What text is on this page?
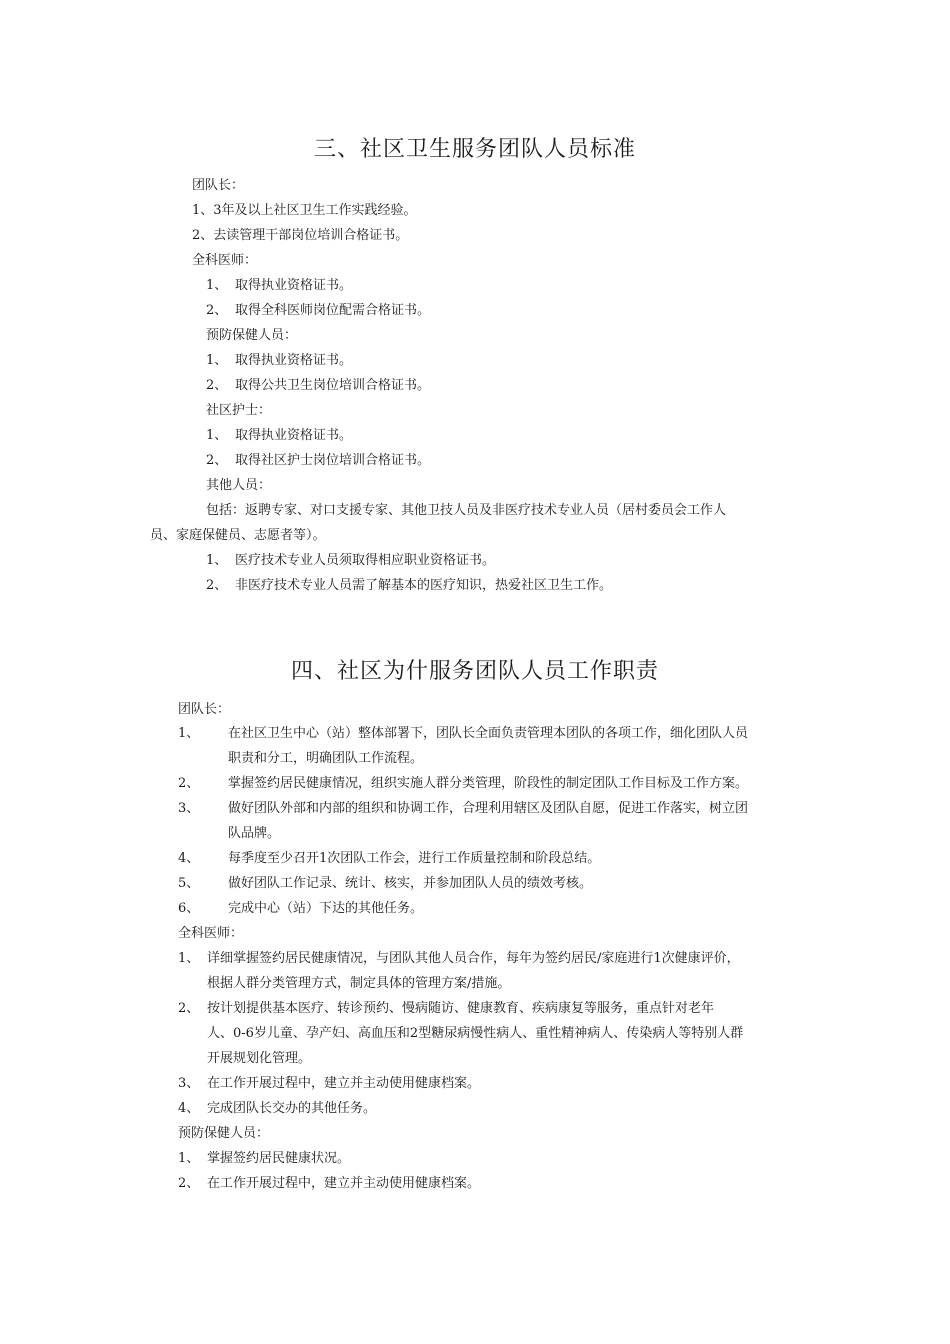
三、社区卫生服务团队人员标准
团队长：
1、3年及以上社区卫生工作实践经验。
2、去读管理干部岗位培训合格证书。
全科医师：
1、 取得执业资格证书。
2、 取得全科医师岗位配需合格证书。
预防保健人员：
1、 取得执业资格证书。
2、 取得公共卫生岗位培训合格证书。
社区护士：
1、 取得执业资格证书。
2、 取得社区护士岗位培训合格证书。
其他人员：
包括：返聘专家、对口支援专家、其他卫技人员及非医疗技术专业人员（居村委员会工作人
员、家庭保健员、志愿者等）。
1、 医疗技术专业人员须取得相应职业资格证书。
2、 非医疗技术专业人员需了解基本的医疗知识，热爱社区卫生工作。
四、社区为什服务团队人员工作职责
团队长：
1、 在社区卫生中心（站）整体部署下，团队长全面负责管理本团队的各项工作，细化团队人员
职责和分工，明确团队工作流程。
2、 掌握签约居民健康情况，组织实施人群分类管理，阶段性的制定团队工作目标及工作方案。
3、 做好团队外部和内部的组织和协调工作，合理利用辖区及团队自愿，促进工作落实，树立团
队品牌。
4、 每季度至少召开1次团队工作会，进行工作质量控制和阶段总结。
5、 做好团队工作记录、统计、核实，并参加团队人员的绩效考核。
6、 完成中心（站）下达的其他任务。
全科医师：
1、 详细掌握签约居民健康情况，与团队其他人员合作，每年为签约居民/家庭进行1次健康评价，
根据人群分类管理方式，制定具体的管理方案/措施。
2、 按计划提供基本医疗、转诊预约、慢病随访、健康教育、疾病康复等服务，重点针对老年
人、0-6岁儿童、孕产妇、高血压和2型糖尿病慢性病人、重性精神病人、传染病人等特别人群
开展规划化管理。
3、 在工作开展过程中，建立并主动使用健康档案。
4、 完成团队长交办的其他任务。
预防保健人员：
1、 掌握签约居民健康状况。
2、 在工作开展过程中，建立并主动使用健康档案。
